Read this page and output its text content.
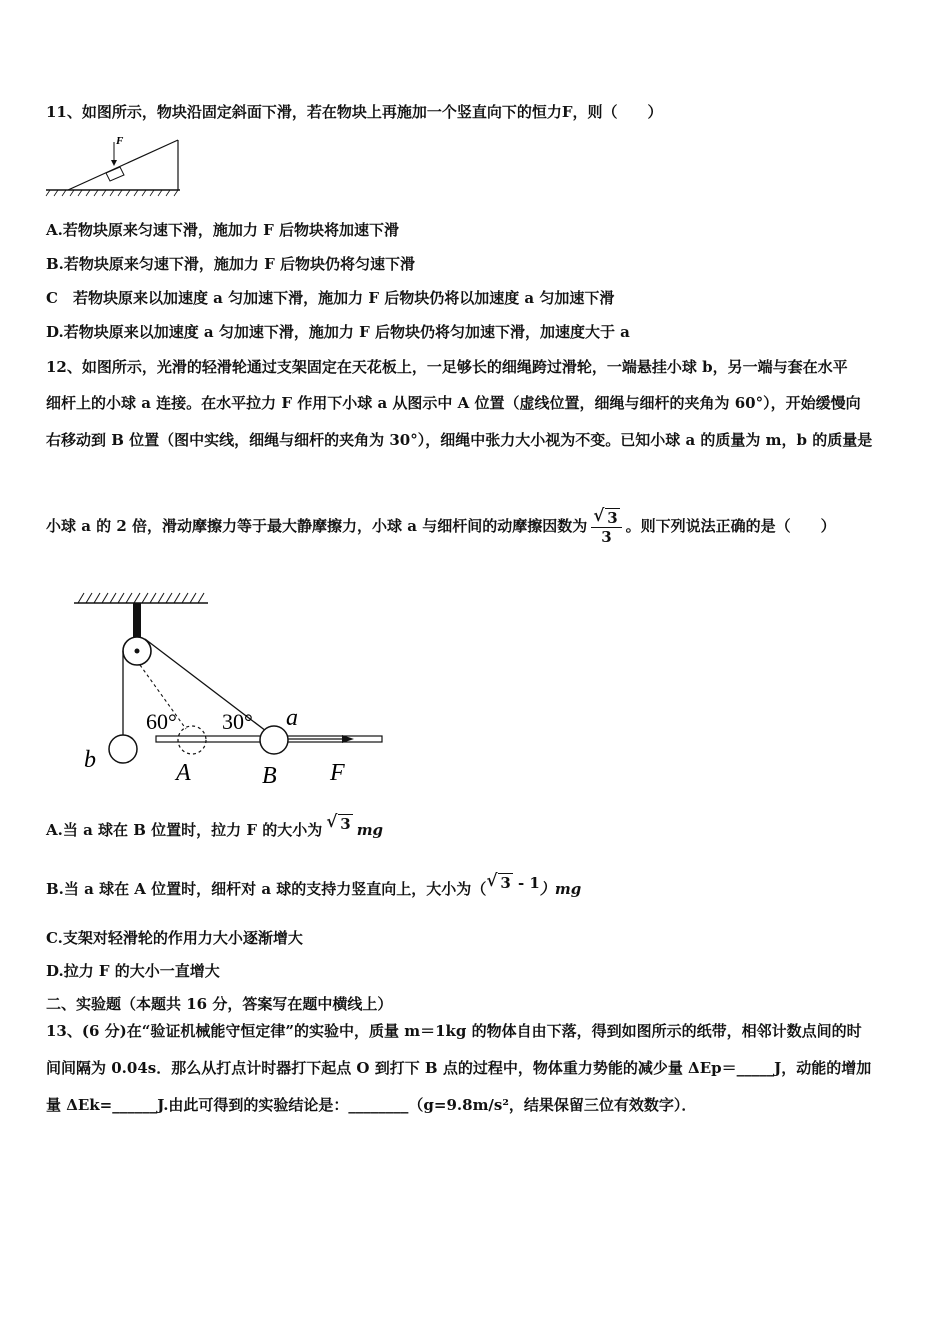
11、如图所示，物块沿固定斜面下滑，若在物块上再施加一个竖直向下的恒力F，则（　　）
F
A.若物块原来匀速下滑，施加力 F 后物块将加速下滑
B.若物块原来匀速下滑，施加力 F 后物块仍将匀速下滑
C　若物块原来以加速度 a 匀加速下滑，施加力 F 后物块仍将以加速度 a 匀加速下滑
D.若物块原来以加速度 a 匀加速下滑，施加力 F 后物块仍将匀加速下滑，加速度大于 a
12、如图所示，光滑的轻滑轮通过支架固定在天花板上，一足够长的细绳跨过滑轮，一端悬挂小球 b，另一端与套在水平
细杆上的小球 a 连接。在水平拉力 F 作用下小球 a 从图示中 A 位置（虚线位置，细绳与细杆的夹角为 60°），开始缓慢向
右移动到 B 位置（图中实线，细绳与细杆的夹角为 30°），细绳中张力大小视为不变。已知小球 a 的质量为 m，b 的质量是
小球 a 的 2 倍，滑动摩擦力等于最大静摩擦力，小球 a 与细杆间的动摩擦因数为 √ $\frac{3}{3}$ 。则下列说法正确的是（　　）
60° 30° a
b	A	B F
A.当 a 球在 B 位置时，拉力 F 的大小为 √ 3 mg
B.当 a 球在 A 位置时，细杆对 a 球的支持力竖直向上，大小为（ √ 3 - 1）mg
C.支架对轻滑轮的作用力大小逐渐增大
D.拉力 F 的大小一直增大
二、实验题（本题共 16 分，答案写在题中横线上）
13、(6 分)在“验证机械能守恒定律”的实验中，质量 m＝1kg 的物体自由下落，得到如图所示的纸带，相邻计数点间的时
间间隔为 0.04s．那么从打点计时器打下起点 O 到打下 B 点的过程中，物体重力势能的减少量 ΔEp＝_____J，动能的增加
量 ΔEk=______J.由此可得到的实验结论是：________（g=9.8m/s²，结果保留三位有效数字）．
